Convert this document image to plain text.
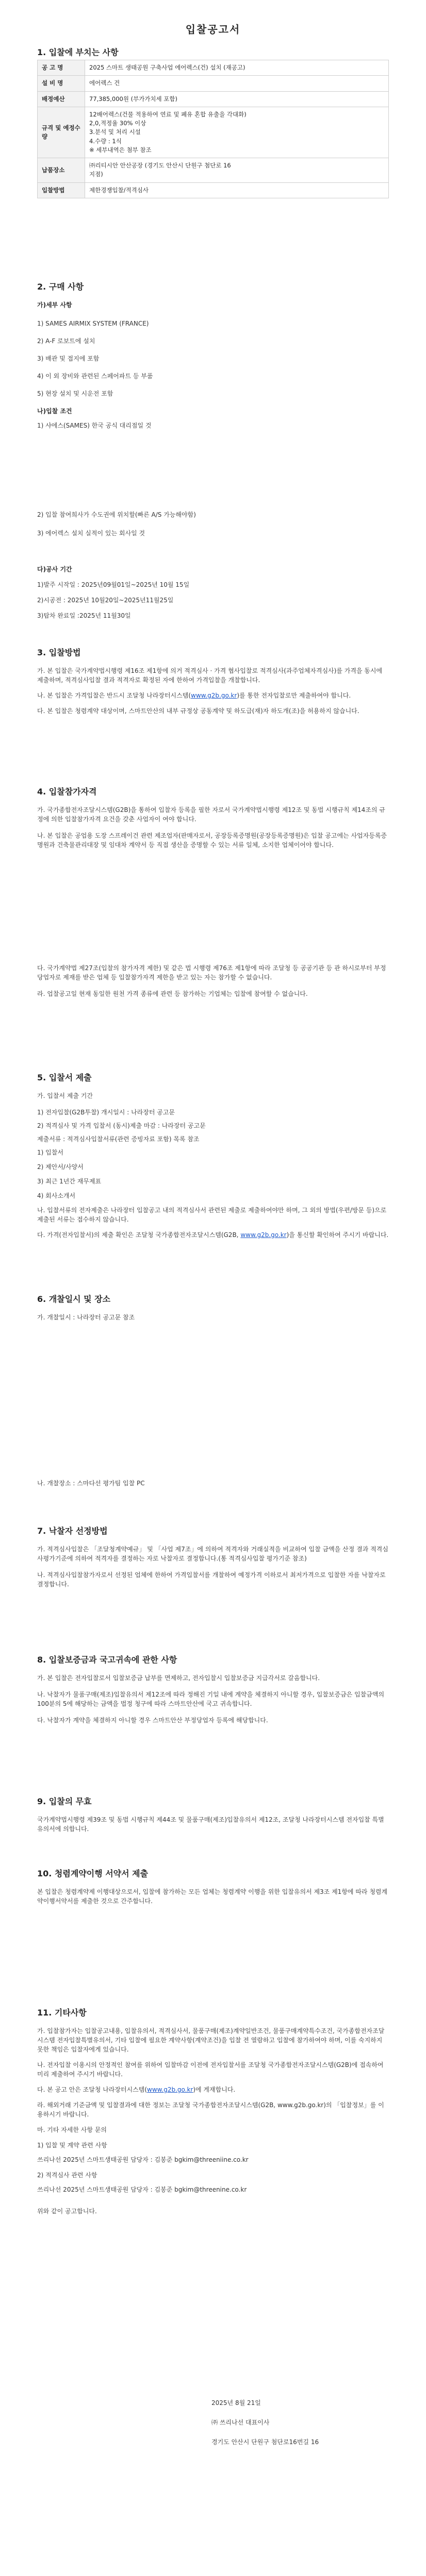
입찰공고서
1. 입찰에 부치는 사항
공 고 명	2025 스마트 생태공원 구축사업 에어렉스(건) 설치 (재공고)

설 비 명	에어렉스 건

배정예산	77,385,000원 (부가가치세 포함)

규격 및 예정수량	12배어렉스(건물 적용하여 연료 및 폐유 혼합 유출을 각대화)
2,0,적정율 30% 이상
3.분석 및 처리 시설
4.수량 : 1식
※ 세부내역은 첨부 참조

납품장소	㈜리티시안 안산공장 (경기도 안산시 단원구 첨단로 16
지점)

입찰방법	제한경쟁입찰/적격심사
2. 구매 사항
가)세부 사항
1) SAMES AIRMIX SYSTEM (FRANCE)
2) A-F 로보트에 설치
3) 배관 및 접지에 포함
4) 이 외 장비와 관련된 스페어파트 등 부품
5) 현장 설치 및 시운전 포함
나)입찰 조건
1) 샤에스(SAMES) 한국 공식 대리점일 것
2) 입찰 참여희사가 수도권에 위치할(빠른 A/S 가능해야함)
3) 에어렉스 설치 실적이 있는 회사일 것
다)공사 기간
1)발주 시작일 : 2025년09월01일~2025년 10월 15일
2)시공전 : 2025년 10월20일~2025년11월25일
3)탑차 완료일 :2025년 11월30일
3. 입찰방법

가. 본 입찰은 국가계약법시행령 제16조 제1항에 의거 적격심사 · 가격 협사입찰로 적격심사(과주업체자격심사)를 가격을 동시에 제출하며, 적격심사입찰 결과 적격자로 확정된 자에 한하여 가격입찰을 개찰합니다.

나. 본 입찰은 가격입찰은 반드시 조달청 나라장터시스템(www.g2b.go.kr)를 통한 전자입찰로만 제출하여야 합니다.

다. 본 입찰은 청렴계약 대상이며, 스마트안산의 내부 규정상 공동계약 및 하도급(재)자 하도개(조)을 허용하지 않습니다.

4. 입찰참가자격

가. 국가종합전자조달시스템(G2B)을 통하여 입찰자 등록을 필한 자로서 국가계약법시행령 제12조 및 동법 시행규칙 제14조의 규정에 의한 입찰참가자격 요건을 갖춘 사업자이 여야 합니다.

나. 본 입찰은 공업용 도장 스프레이건 관련 제조업자(판매자로서, 공장등록증명원(공장등록증명원)은 입찰 공고에는 사업자등록증명원과 건축물관리대장 및 임대차 계약서 등 직접 생산을 증명할 수 있는 서류 일체, 소지한 업체이어야 합니다.

다. 국가계약법 제27조(입찰의 참가자격 제한) 및 같은 법 시행령 제76조 제1항에 따라 조달청 등 공공기관 등 관 하시로부터 부정당업자로 제재를 받은 업체 등 입찰참가자격 제한을 받고 있는 자는 참가할 수 없습니다.

라. 업찰공고일 현재 동일한 원천 가격 종류에 관련 등 참가하는 기업체는 입찰에 참여할 수 없습니다.

5. 입찰서 제출
가. 입찰서 제출 기간
1) 전자입찰(G2B투찰) 개시일시 : 나라장터 공고문
2) 적격심사 및 가격 입찰서 (동시)제출 마감 : 나라장터 공고문
제출서류 : 적격심사입찰서류(관련 증빙자료 포함) 목록 참조
1) 입찰서
2) 제안서/사양서
3) 최근 1년간 재무제표
4) 회사소개서

나. 입찰서류의 전자제출은 나라장터 입찰공고 내의 적격심사서 관련된 제출로 제출하여야만 하며, 그 외의 방법(우편/방문 등)으로 제출된 서류는 접수하지 않습니다.

다. 가격(전자입찰서)의 제출 확인은 조달청 국가종합전자조달시스템(G2B, www.g2b.go.kr)을 통신할 확인하여 주시기 바랍니다.

6. 개찰일시 및 장소
가. 개찰일시 : 나라장터 공고문 참조
나. 개찰장소 : 스마다선 평가팀 입찰 PC
7. 낙찰자 선정방법

가. 적격심사입찰은 「조달청계약예규」 및 「사업 제7조」에 의하여 적격자와 거래실적을 비교하여 입찰 금액을 산정 결과 적격심사평가기준에 의하여 적격자를 결정하는 자로 낙찰자로 결정합니다.(통 적격심사입찰 평가기준 참조)

나. 적격심사입찰참가자로서 선정된 업체에 한하여 가격입찰서를 개찰하여 예정가격 이하로서 최저가격으로 입찰한 자를 낙찰자로 결정합니다.

8. 입찰보증금과 국고귀속에 관한 사항

가. 본 입찰은 전자입찰로서 입찰보증금 납부를 면제하고, 전자입찰시 입찰보증금 지급각서로 갈음합니다.

나. 낙찰자가 물품구매(제조)입찰유의서 제12조에 따라 정해진 기일 내에 계약을 체결하지 아니할 경우, 입찰보증금은 입찰금액의 100분의 5에 해당하는 금액을 법정 청구에 따라 스마트안산에 국고 귀속합니다.

다. 낙찰자가 계약을 체결하지 아니할 경우 스마트안산 부정당업자 등록에 해당합니다.

9. 입찰의 무효

국가계약법시행령 제39조 및 동법 시행규칙 제44조 및 물품구매(제조)입찰유의서 제12조, 조달청 나라장터시스템 전자입찰 특별유의서에 의합니다.

10. 청렴계약이행 서약서 제출

본 입찰은 청렴계약제 이행대상으로서, 입찰에 참가하는 모든 업체는 청렴계약 이행을 위한 입찰유의서 제3조 제1항에 따라 청렴계약이행서약서를 제출한 것으로 간주합니다.

11. 기타사항

가. 입찰참가자는 입찰공고내용, 입찰유의서, 적격심사서, 물품구매(제조)계약일반조건, 물품구매계약특수조건, 국가종합전자조달시스템 전자입찰특별유의서, 기타 입찰에 필요한 계약사항(계약조건)을 입찰 전 열람하고 입찰에 참가하여야 하며, 이를 숙지하지 못한 책임은 입찰자에게 있습니다.

나. 전자입찰 이용시의 안정적인 참여를 위하여 입찰마감 이전에 전자입찰서를 조달청 국가종합전자조달시스템(G2B)에 접속하여 미리 제출하여 주시기 바랍니다.

다. 본 공고 안은 조달청 나라장터시스템(www.g2b.go.kr)에 게재합니다.

라. 해외거래 기준금액 및 입찰결과에 대한 정보는 조달청 국가종합전자조달시스템(G2B, www.g2b.go.kr)의 「입찰정보」를 이용하시기 바랍니다.

마. 기타 자세한 사항 문의

1) 입찰 및 계약 관련 사항

쓰리나선 2025년 스마트생태공원 담당자 : 김봉준 bgkim@threeniine.co.kr

2) 적격심사 관련 사항

쓰리나선 2025년 스마트생태공원 담당자 : 김봉준 bgkim@threenine.co.kr

위와 같이 공고합니다.

2025년 8월 21일
㈜ 쓰리나선 대표이사
경기도 안산시 단원구 첨단로16번길 16
